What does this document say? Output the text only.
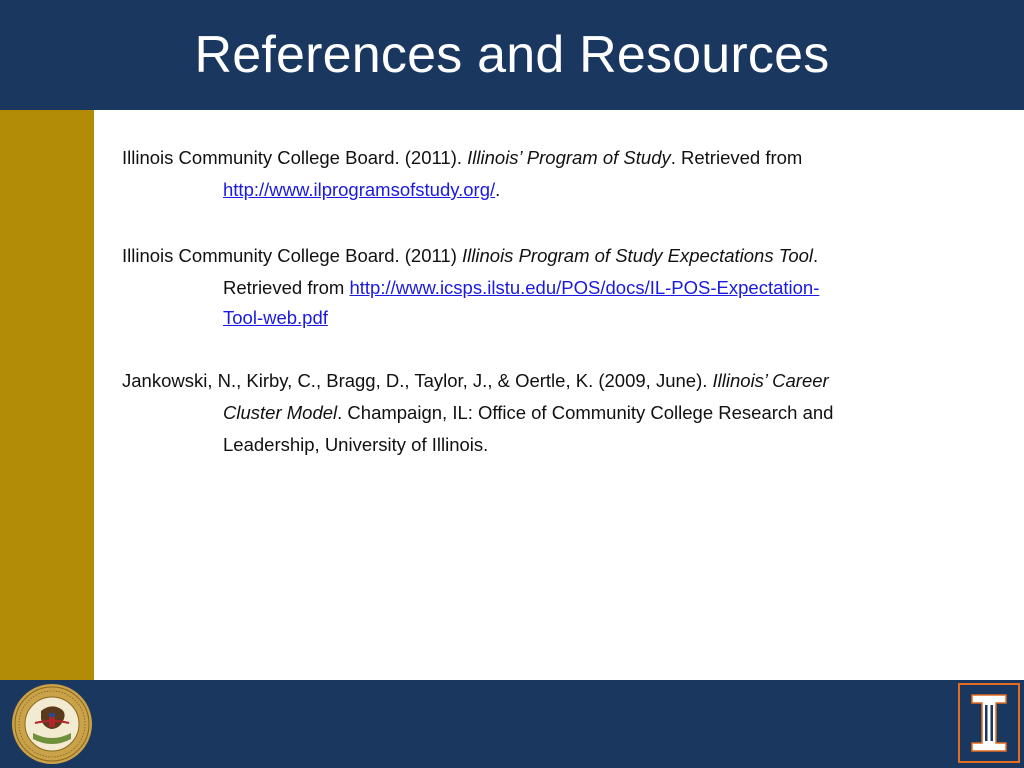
References and Resources
Illinois Community College Board. (2011). Illinois’ Program of Study. Retrieved from
http://www.ilprogramsofstudy.org/.
Illinois Community College Board. (2011) Illinois Program of Study Expectations Tool.
Retrieved from http://www.icsps.ilstu.edu/POS/docs/IL-POS-Expectation-
Tool-web.pdf
Jankowski, N., Kirby, C., Bragg, D., Taylor, J., & Oertle, K. (2009, June). Illinois’ Career
Cluster Model. Champaign, IL: Office of Community College Research and
Leadership, University of Illinois.
